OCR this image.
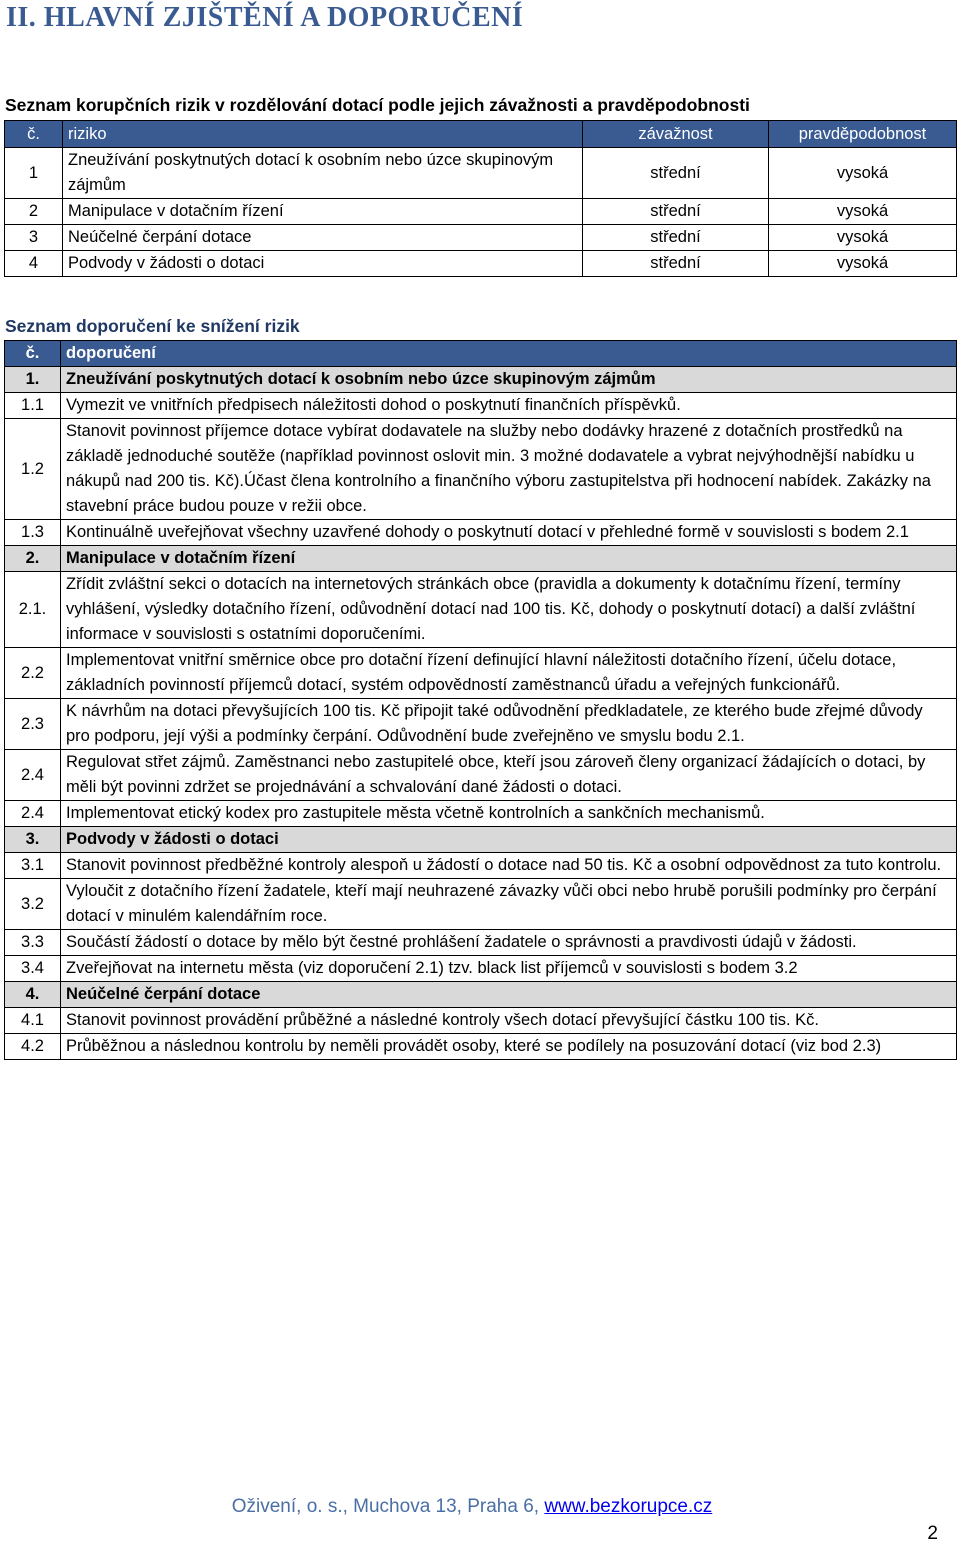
II. HLAVNÍ ZJIŠTĚNÍ A DOPORUČENÍ
Seznam korupčních rizik v rozdělování dotací podle jejich závažnosti a pravděpodobnosti
č.	riziko	závažnost	pravděpodobnost
1	Zneužívání poskytnutých dotací k osobním nebo úzce skupinovým zájmům	střední	vysoká
2	Manipulace v dotačním řízení	střední	vysoká
3	Neúčelné čerpání dotace	střední	vysoká
4	Podvody v žádosti o dotaci	střední	vysoká
Seznam doporučení ke snížení rizik
č.	doporučení
1.	Zneužívání poskytnutých dotací k osobním nebo úzce skupinovým zájmům
1.1	Vymezit ve vnitřních předpisech náležitosti dohod o poskytnutí finančních příspěvků.
1.2	Stanovit povinnost příjemce dotace vybírat dodavatele na služby nebo dodávky hrazené z dotačních prostředků na základě jednoduché soutěže (například povinnost oslovit min. 3 možné dodavatele a vybrat nejvýhodnější nabídku u nákupů nad 200 tis. Kč).Účast člena kontrolního a finančního výboru zastupitelstva při hodnocení nabídek. Zakázky na stavební práce budou pouze v režii obce.
1.3	Kontinuálně uveřejňovat všechny uzavřené dohody o poskytnutí dotací v přehledné formě v souvislosti s bodem 2.1
2.	Manipulace v dotačním řízení
2.1.	Zřídit zvláštní sekci o dotacích na internetových stránkách obce (pravidla a dokumenty k dotačnímu řízení, termíny vyhlášení, výsledky dotačního řízení, odůvodnění dotací nad 100 tis. Kč, dohody o poskytnutí dotací) a další zvláštní informace v souvislosti s ostatními doporučeními.
2.2	Implementovat vnitřní směrnice obce pro dotační řízení definující hlavní náležitosti dotačního řízení, účelu dotace, základních povinností příjemců dotací, systém odpovědností zaměstnanců úřadu a veřejných funkcionářů.
2.3	K návrhům na dotaci převyšujících 100 tis. Kč připojit také odůvodnění předkladatele, ze kterého bude zřejmé důvody pro podporu, její výši a podmínky čerpání. Odůvodnění bude zveřejněno ve smyslu bodu 2.1.
2.4	Regulovat střet zájmů. Zaměstnanci nebo zastupitelé obce, kteří jsou zároveň členy organizací žádajících o dotaci, by měli být povinni zdržet se projednávání a schvalování dané žádosti o dotaci.
2.4	Implementovat etický kodex pro zastupitele města včetně kontrolních a sankčních mechanismů.
3.	Podvody v žádosti o dotaci
3.1	Stanovit povinnost předběžné kontroly alespoň u žádostí o dotace nad 50 tis. Kč a osobní odpovědnost za tuto kontrolu.
3.2	Vyloučit z dotačního řízení žadatele, kteří mají neuhrazené závazky vůči obci nebo hrubě porušili podmínky pro čerpání dotací v minulém kalendářním roce.
3.3	Součástí žádostí o dotace by mělo být čestné prohlášení žadatele o správnosti a pravdivosti údajů v žádosti.
3.4	Zveřejňovat na internetu města (viz doporučení 2.1) tzv. black list příjemců v souvislosti s bodem 3.2
4.	Neúčelné čerpání dotace
4.1	Stanovit povinnost provádění průběžné a následné kontroly všech dotací převyšující částku 100 tis. Kč.
4.2	Průběžnou a následnou kontrolu by neměli provádět osoby, které se podílely na posuzování dotací (viz bod 2.3)
Oživení, o. s., Muchova 13, Praha 6, www.bezkorupce.cz
2
